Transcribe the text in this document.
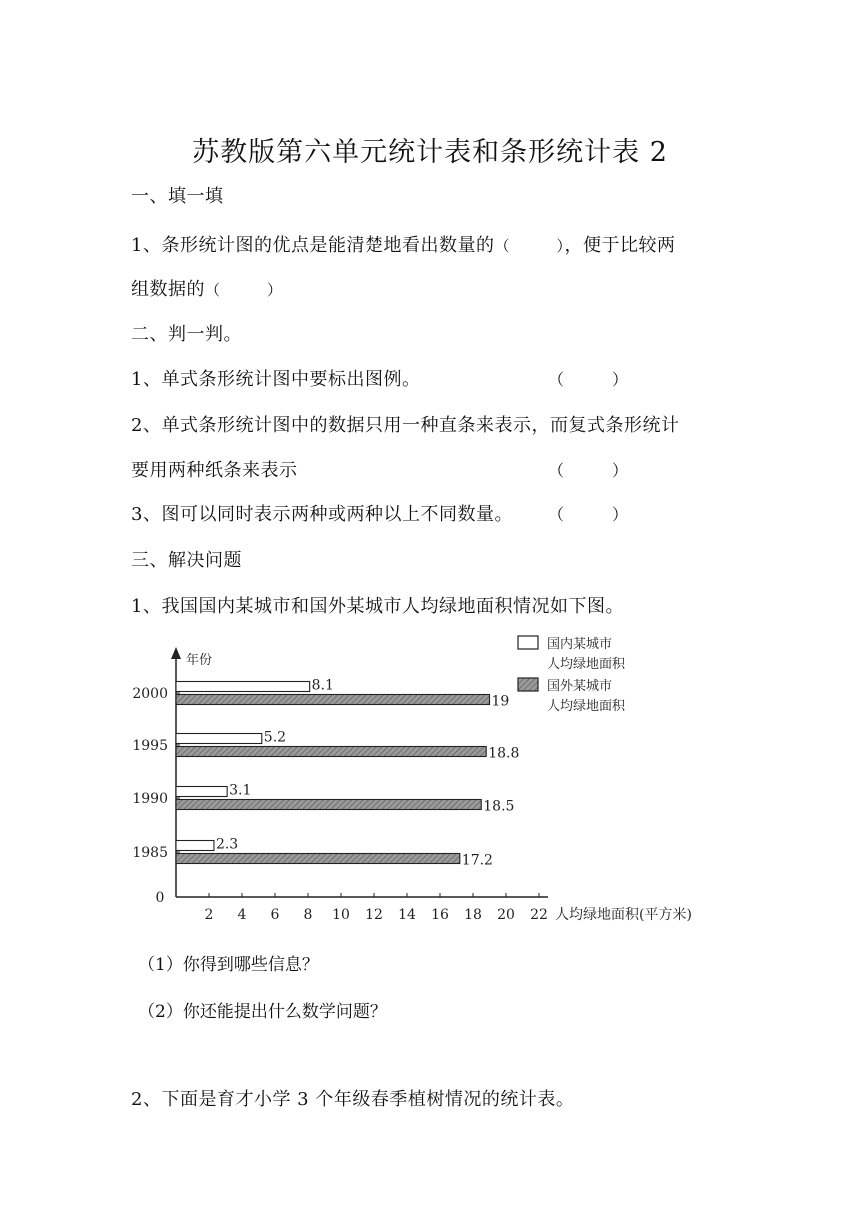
苏教版第六单元统计表和条形统计表 2
一、填一填
1、条形统计图的优点是能清楚地看出数量的（　　　），便于比较两
组数据的（　　　）
二、判一判。
1、单式条形统计图中要标出图例。	（　　　）
2、单式条形统计图中的数据只用一种直条来表示，而复式条形统计
要用两种纸条来表示	（　　　）
3、图可以同时表示两种或两种以上不同数量。 （　　　）
三、解决问题
1、我国国内某城市和国外某城市人均绿地面积情况如下图。
年份
0
人均绿地面积(平方米)
2 4 6 8 10 12 14 16 18 20 22
2000
1995
1990
1985
8.1
19
5.2
18.8
3.1
18.5
2.3
17.2
国内某城市
人均绿地面积
国外某城市
人均绿地面积
（1）你得到哪些信息？
（2）你还能提出什么数学问题？
2、下面是育才小学 3 个年级春季植树情况的统计表。
